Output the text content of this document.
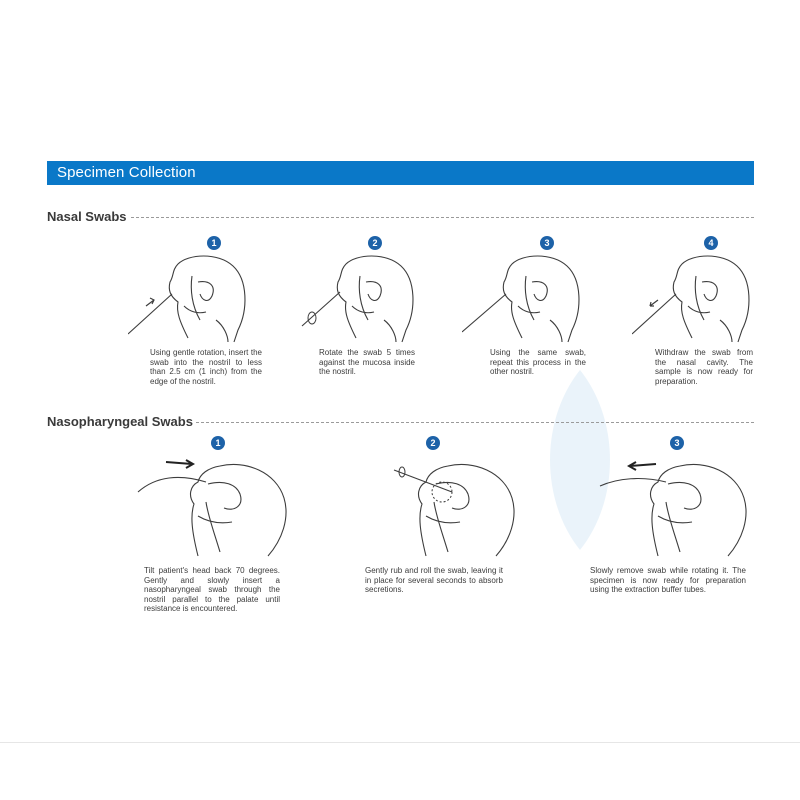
Specimen Collection
Nasal Swabs
1
Using gentle rotation, insert the swab into the nostril to less than 2.5 cm (1 inch) from the edge of the nostril.
2
Rotate the swab 5 times against the mucosa inside the nostril.
3
Using the same swab, repeat this process in the other nostril.
4
Withdraw the swab from the nasal cavity. The sample is now ready for preparation.
Nasopharyngeal Swabs
1
Tilt patient's head back 70 degrees. Gently and slowly insert a nasopharyngeal swab through the nostril parallel to the palate until resistance is encountered.
2
Gently rub and roll the swab, leaving it in place for several seconds to absorb secretions.
3
Slowly remove swab while rotating it. The specimen is now ready for preparation using the extraction buffer tubes.
